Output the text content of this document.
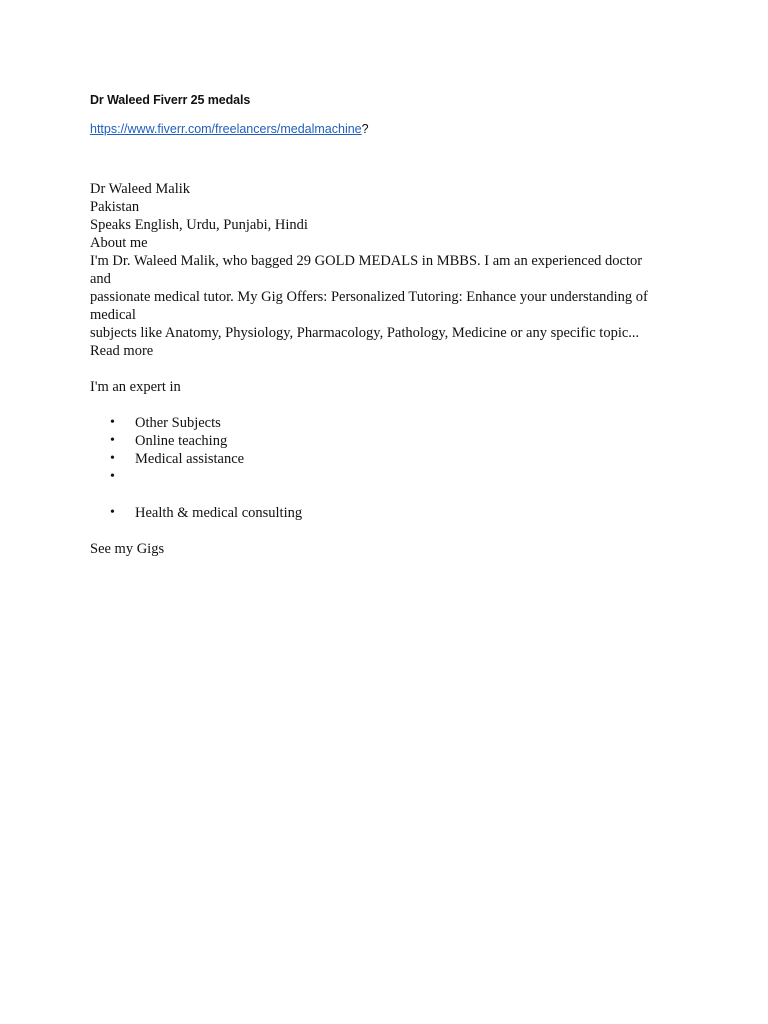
Dr Waleed Fiverr 25 medals
https://www.fiverr.com/freelancers/medalmachine?
Dr Waleed Malik
Pakistan
Speaks English, Urdu, Punjabi, Hindi
About me
I'm Dr. Waleed Malik, who bagged 29 GOLD MEDALS in MBBS. I am an experienced doctor
and
passionate medical tutor. My Gig Offers: Personalized Tutoring: Enhance your understanding of
medical
subjects like Anatomy, Physiology, Pharmacology, Pathology, Medicine or any specific topic...
Read more
I'm an expert in
• Other Subjects
• Online teaching
• Medical assistance
•
• Health & medical consulting
See my Gigs
